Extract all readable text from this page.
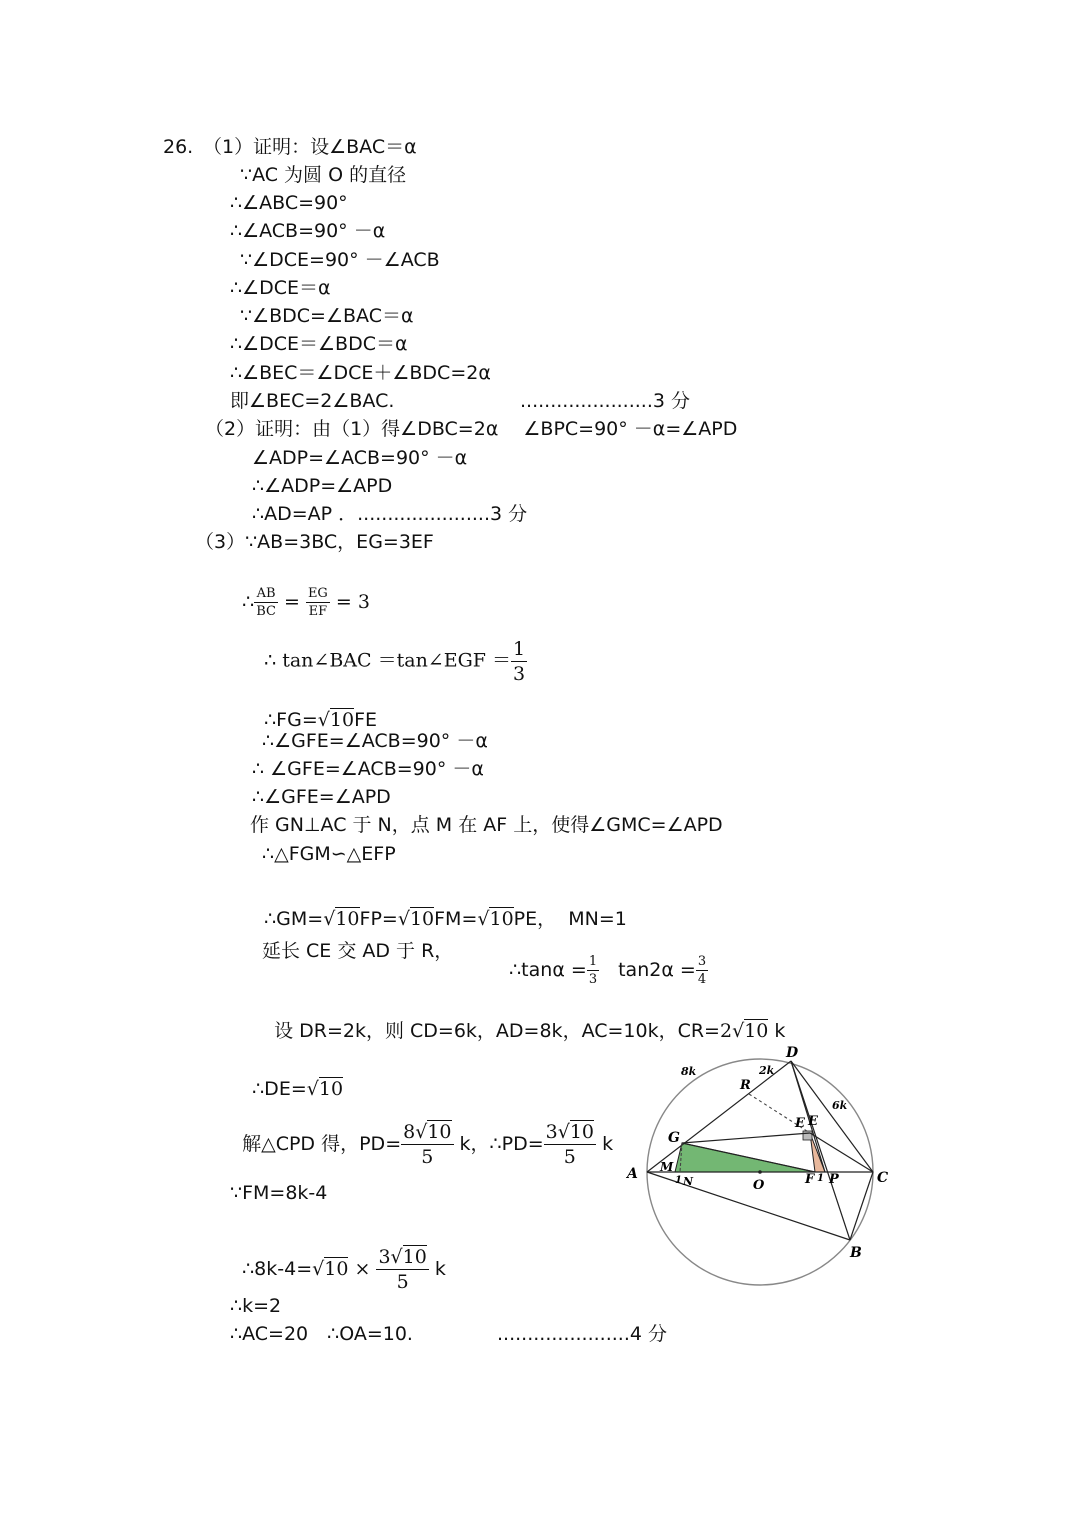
26. （1）证明：设∠BAC＝α
∵AC 为圆 O 的直径
∴∠ABC=90°
∴∠ACB=90° －α
∵∠DCE=90° －∠ACB
∴∠DCE＝α
∵∠BDC=∠BAC＝α
∴∠DCE＝∠BDC＝α
∴∠BEC＝∠DCE＋∠BDC=2α
即∠BEC=2∠BAC.	......................3 分
（2）证明：由（1）得∠DBC=2α　 ∠BPC=90° －α=∠APD
∠ADP=∠ACB=90° －α
∴∠ADP=∠APD
∴AD=AP ．......................3 分
（3）∵AB=3BC，EG=3EF

∴ $\frac{AB}{BC} = \frac{EG}{EF} = 3$

∴ tan∠BAC ＝tan∠EGF ＝ $\frac{1}{3}$

∴FG=√10FE

∴∠GFE=∠ACB=90° －α
∴ ∠GFE=∠ACB=90° －α
∴∠GFE=∠APD
作 GN⊥AC 于 N，点 M 在 AF 上，使得∠GMC=∠APD
∴△FGM∽△EFP

∴GM=√10FP=√10FM=√10PE，  MN=1

延长 CE 交 AD 于 R，

∴tanα = $\frac{1}{3}$
　 $\tan 2\alpha = \frac{3}{4}$

设 DR=2k，则 CD=6k，AD=8k，AC=10k，CR=2√10 k

∴DE=√10

解△CPD 得，$PD= \frac{8√10}{5}$ k，∴PD= $\frac{3√10}{5}$ k

∵FM=8k-4

∴8k-4=√10 × $\frac{3√10}{5}$ k

∴k=2
∴AC=20　∴OA=10.	......................4 分
A
B
C
D
E E
F 1 P
G
M
1 N	O
R
8k	2k
6k
